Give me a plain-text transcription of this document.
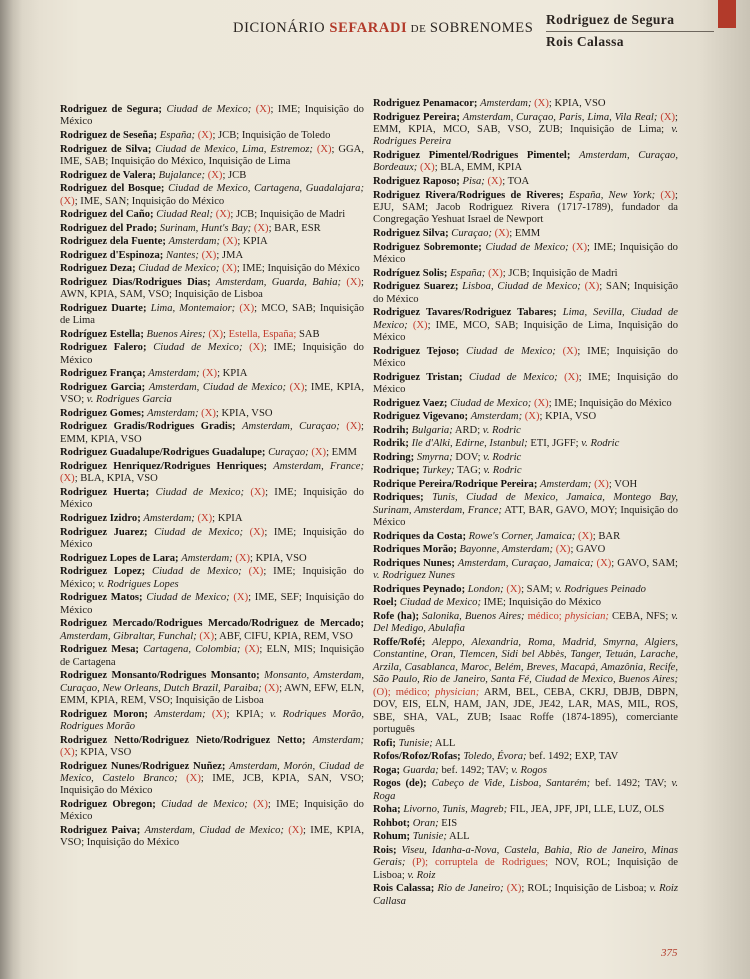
DICIONÁRIO SEFARADI DE SOBRENOMES
Rodriguez de Segura
Rois Calassa
Rodriguez de Segura; Ciudad de Mexico; (X); IME; Inquisição do México
Rodriguez de Seseña; España; (X); JCB; Inquisição de Toledo
Rodriguez de Silva; Ciudad de Mexico, Lima, Estremoz; (X); GGA, IME, SAB; Inquisição do México, Inquisição de Lima
Rodriguez de Valera; Bujalance; (X); JCB
Rodriguez del Bosque; Ciudad de Mexico, Cartagena, Guadalajara; (X); IME, SAN; Inquisição do México
Rodriguez del Caño; Ciudad Real; (X); JCB; Inquisição de Madri
Rodriguez del Prado; Surinam, Hunt's Bay; (X); BAR, ESR
Rodriguez dela Fuente; Amsterdam; (X); KPIA
Rodriguez d'Espinoza; Nantes; (X); JMA
Rodriguez Deza; Ciudad de Mexico; (X); IME; Inquisição do México
Rodriguez Dias/Rodrigues Dias; Amsterdam, Guarda, Bahia; (X); AWN, KPIA, SAM, VSO; Inquisição de Lisboa
Rodriguez Duarte; Lima, Montemaior; (X); MCO, SAB; Inquisição de Lima
Rodríguez Estella; Buenos Aires; (X); Estella, España; SAB
Rodriguez Falero; Ciudad de Mexico; (X); IME; Inquisição do México
Rodriguez França; Amsterdam; (X); KPIA
Rodriguez Garcia; Amsterdam, Ciudad de Mexico; (X); IME, KPIA, VSO; v. Rodrigues Garcia
Rodriguez Gomes; Amsterdam; (X); KPIA, VSO
Rodriguez Gradis/Rodrigues Gradis; Amsterdam, Curaçao; (X); EMM, KPIA, VSO
Rodriguez Guadalupe/Rodrigues Guadalupe; Curaçao; (X); EMM
Rodriguez Henriquez/Rodrigues Henriques; Amsterdam, France; (X); BLA, KPIA, VSO
Rodriguez Huerta; Ciudad de Mexico; (X); IME; Inquisição do México
Rodriguez Izidro; Amsterdam; (X); KPIA
Rodriguez Juarez; Ciudad de Mexico; (X); IME; Inquisição do México
Rodriguez Lopes de Lara; Amsterdam; (X); KPIA, VSO
Rodriguez Lopez; Ciudad de Mexico; (X); IME; Inquisição do México; v. Rodrigues Lopes
Rodriguez Matos; Ciudad de Mexico; (X); IME, SEF; Inquisição do México
Rodriguez Mercado/Rodrigues Mercado/Rodriguez de Mercado; Amsterdam, Gibraltar, Funchal; (X); ABF, CIFU, KPIA, REM, VSO
Rodriguez Mesa; Cartagena, Colombia; (X); ELN, MIS; Inquisição de Cartagena
Rodriguez Monsanto/Rodrigues Monsanto; Monsanto, Amsterdam, Curaçao, New Orleans, Dutch Brazil, Paraiba; (X); AWN, EFW, ELN, EMM, KPIA, REM, VSO; Inquisição de Lisboa
Rodriguez Moron; Amsterdam; (X); KPIA; v. Rodriques Morão, Rodrigues Morão
Rodriguez Netto/Rodriguez Nieto/Rodriguez Netto; Amsterdam; (X); KPIA, VSO
Rodriguez Nunes/Rodriguez Nuñez; Amsterdam, Morón, Ciudad de Mexico, Castelo Branco; (X); IME, JCB, KPIA, SAN, VSO; Inquisição do México
Rodriguez Obregon; Ciudad de Mexico; (X); IME; Inquisição do México
Rodriguez Paiva; Amsterdam, Ciudad de Mexico; (X); IME, KPIA, VSO; Inquisição do México
Rodriguez Penamacor; Amsterdam; (X); KPIA, VSO
Rodriguez Pereira; Amsterdam, Curaçao, Paris, Lima, Vila Real; (X); EMM, KPIA, MCO, SAB, VSO, ZUB; Inquisição de Lima; v. Rodrigues Pereira
Rodriguez Pimentel/Rodrigues Pimentel; Amsterdam, Curaçao, Bordeaux; (X); BLA, EMM, KPIA
Rodriguez Raposo; Pisa; (X); TOA
Rodriguez Rivera/Rodrigues de Riveres; España, New York; (X); EJU, SAM; Jacob Rodriguez Rivera (1717-1789), fundador da Congregação Yeshuat Israel de Newport
Rodriguez Silva; Curaçao; (X); EMM
Rodriguez Sobremonte; Ciudad de Mexico; (X); IME; Inquisição do México
Rodríguez Solis; España; (X); JCB; Inquisição de Madri
Rodriguez Suarez; Lisboa, Ciudad de Mexico; (X); SAN; Inquisição do México
Rodriguez Tavares/Rodriguez Tabares; Lima, Sevilla, Ciudad de Mexico; (X); IME, MCO, SAB; Inquisição de Lima, Inquisição do México
Rodriguez Tejoso; Ciudad de Mexico; (X); IME; Inquisição do México
Rodriguez Tristan; Ciudad de Mexico; (X); IME; Inquisição do México
Rodriguez Vaez; Ciudad de Mexico; (X); IME; Inquisição do México
Rodriguez Vigevano; Amsterdam; (X); KPIA, VSO
Rodrih; Bulgaria; ARD; v. Rodric
Rodrik; Ile d'Alki, Edirne, Istanbul; ETI, JGFF; v. Rodric
Rodring; Smyrna; DOV; v. Rodric
Rodrique; Turkey; TAG; v. Rodric
Rodrique Pereira/Rodrique Pereira; Amsterdam; (X); VOH
Rodriques; Tunis, Ciudad de Mexico, Jamaica, Montego Bay, Surinam, Amsterdam, France; ATT, BAR, GAVO, MOY; Inquisição do México
Rodriques da Costa; Rowe's Corner, Jamaica; (X); BAR
Rodriques Morão; Bayonne, Amsterdam; (X); GAVO
Rodriques Nunes; Amsterdam, Curaçao, Jamaica; (X); GAVO, SAM; v. Rodriguez Nunes
Rodriques Peynado; London; (X); SAM; v. Rodrigues Peinado
Roel; Ciudad de Mexico; IME; Inquisição do México
Rofe (ha); Salonika, Buenos Aires; médico; physician; CEBA, NFS; v. Del Medigo, Abulafia
Roffe/Rofé; Aleppo, Alexandria, Roma, Madrid, Smyrna, Algiers, Constantine, Oran, Tlemcen, Sidi bel Abbès, Tanger, Tetuán, Larache, Arzila, Casablanca, Maroc, Belém, Breves, Macapá, Amazônia, Recife, São Paulo, Rio de Janeiro, Santa Fé, Ciudad de Mexico, Buenos Aires; (O); médico; physician; ARM, BEL, CEBA, CKRJ, DBJB, DBPN, DOV, EIS, ELN, HAM, JAN, JDE, JE42, LAR, MAS, MIL, ROS, SBE, SHA, VAL, ZUB; Isaac Roffe (1874-1895), comerciante português
Rofi; Tunisie; ALL
Rofos/Rofoz/Rofas; Toledo, Évora; bef. 1492; EXP, TAV
Roga; Guarda; bef. 1492; TAV; v. Rogos
Rogos (de); Cabeço de Vide, Lisboa, Santarém; bef. 1492; TAV; v. Roga
Roha; Livorno, Tunis, Magreb; FIL, JEA, JPF, JPI, LLE, LUZ, OLS
Rohbot; Oran; EIS
Rohum; Tunisie; ALL
Rois; Viseu, Idanha-a-Nova, Castela, Bahia, Rio de Janeiro, Minas Gerais; (P); corruptela de Rodrigues; NOV, ROL; Inquisição de Lisboa; v. Roiz
Rois Calassa; Rio de Janeiro; (X); ROL; Inquisição de Lisboa; v. Roiz Callasa
375
